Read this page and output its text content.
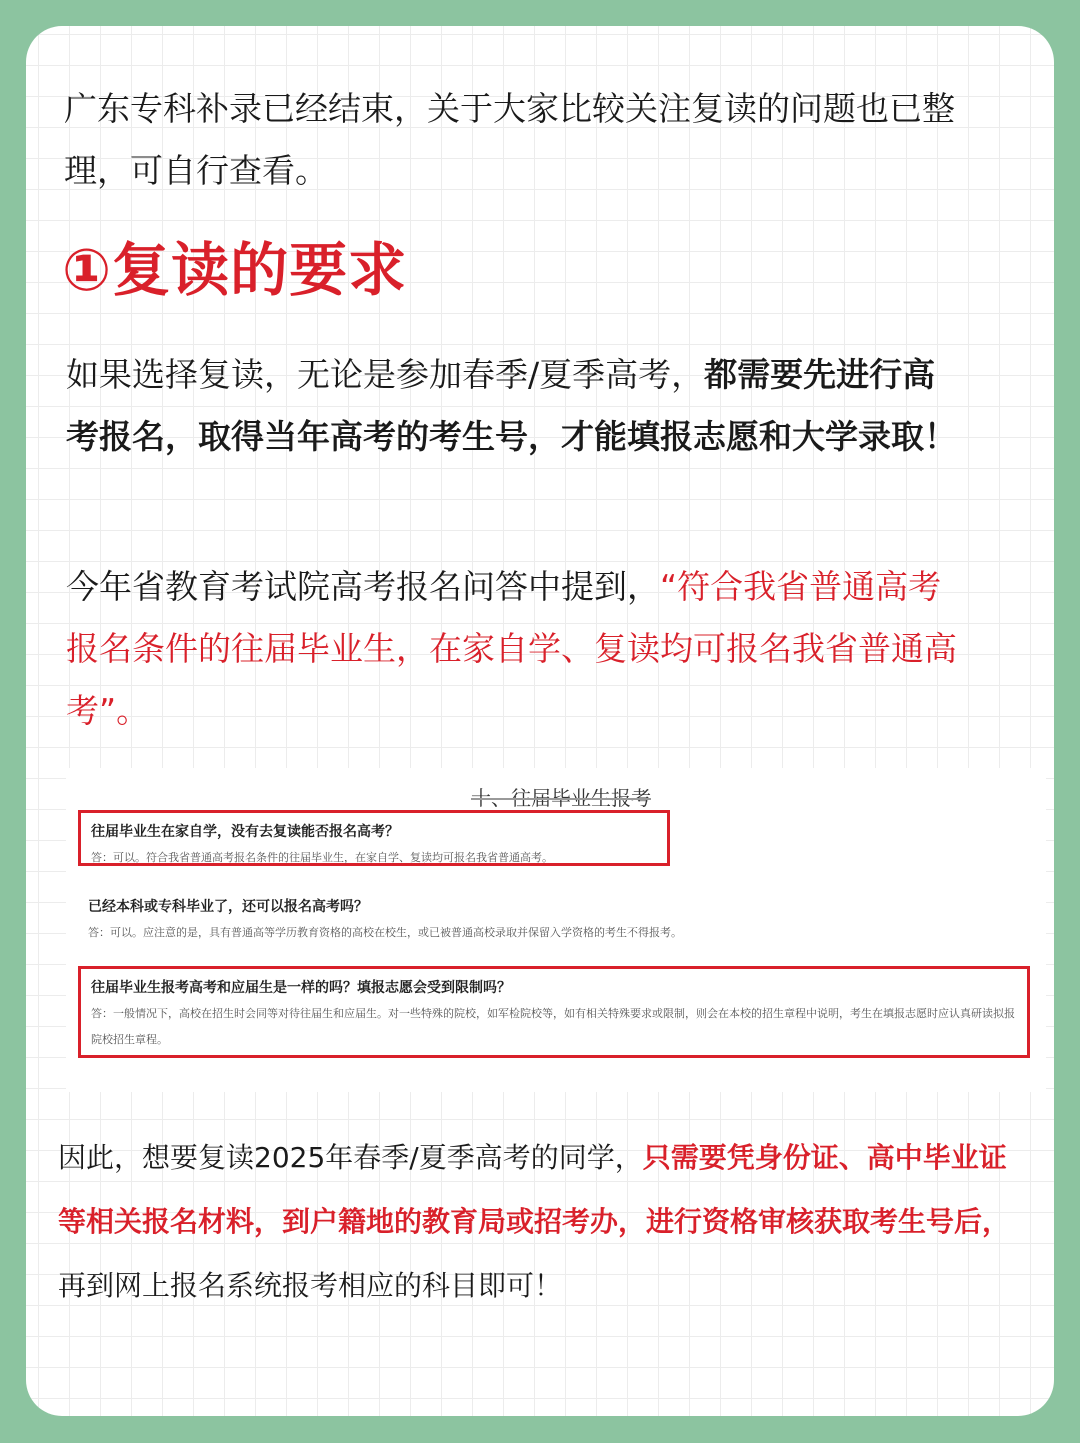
广东专科补录已经结束，关于大家比较关注复读的问题也已整理，可自行查看。

①复读的要求

如果选择复读，无论是参加春季/夏季高考，都需要先进行高考报名，取得当年高考的考生号，才能填报志愿和大学录取！

今年省教育考试院高考报名问答中提到，“符合我省普通高考报名条件的往届毕业生，在家自学、复读均可报名我省普通高考”。

十、往届毕业生报考

往届毕业生在家自学，没有去复读能否报名高考？

答：可以。符合我省普通高考报名条件的往届毕业生，在家自学、复读均可报名我省普通高考。

已经本科或专科毕业了，还可以报名高考吗？

答：可以。应注意的是，具有普通高等学历教育资格的高校在校生，或已被普通高校录取并保留入学资格的考生不得报考。

往届毕业生报考高考和应届生是一样的吗？填报志愿会受到限制吗？

答：一般情况下，高校在招生时会同等对待往届生和应届生。对一些特殊的院校，如军检院校等，如有相关特殊要求或限制，则会在本校的招生章程中说明，考生在填报志愿时应认真研读拟报院校招生章程。

因此，想要复读2025年春季/夏季高考的同学，只需要凭身份证、高中毕业证等相关报名材料，到户籍地的教育局或招考办，进行资格审核获取考生号后，再到网上报名系统报考相应的科目即可！
